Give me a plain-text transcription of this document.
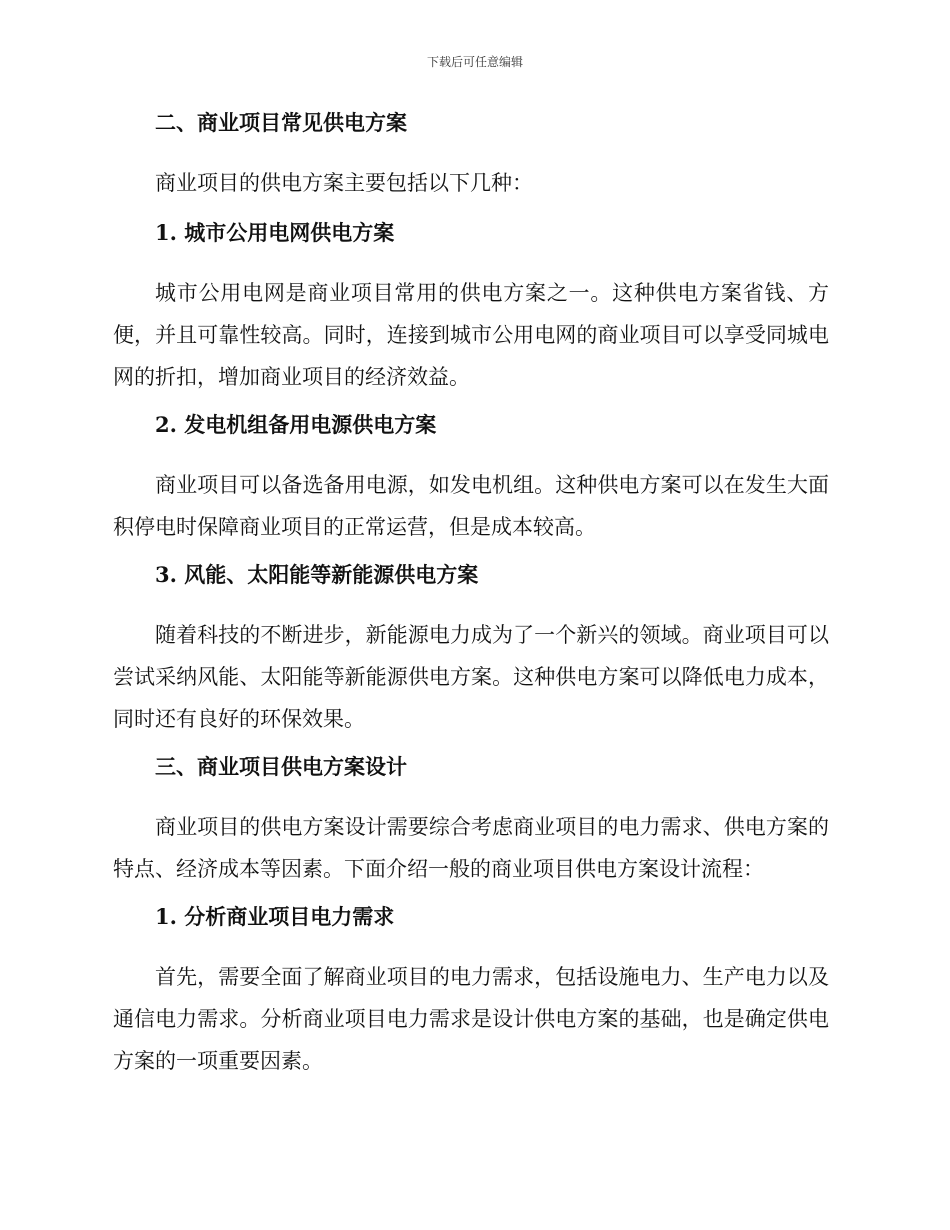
下载后可任意编辑
二、商业项目常见供电方案
商业项目的供电方案主要包括以下几种：
1. 城市公用电网供电方案
城市公用电网是商业项目常用的供电方案之一。这种供电方案省钱、方便，并且可靠性较高。同时，连接到城市公用电网的商业项目可以享受同城电网的折扣，增加商业项目的经济效益。
2. 发电机组备用电源供电方案
商业项目可以备选备用电源，如发电机组。这种供电方案可以在发生大面积停电时保障商业项目的正常运营，但是成本较高。
3. 风能、太阳能等新能源供电方案
随着科技的不断进步，新能源电力成为了一个新兴的领域。商业项目可以尝试采纳风能、太阳能等新能源供电方案。这种供电方案可以降低电力成本，同时还有良好的环保效果。
三、商业项目供电方案设计
商业项目的供电方案设计需要综合考虑商业项目的电力需求、供电方案的特点、经济成本等因素。下面介绍一般的商业项目供电方案设计流程：
1. 分析商业项目电力需求
首先，需要全面了解商业项目的电力需求，包括设施电力、生产电力以及通信电力需求。分析商业项目电力需求是设计供电方案的基础，也是确定供电方案的一项重要因素。
